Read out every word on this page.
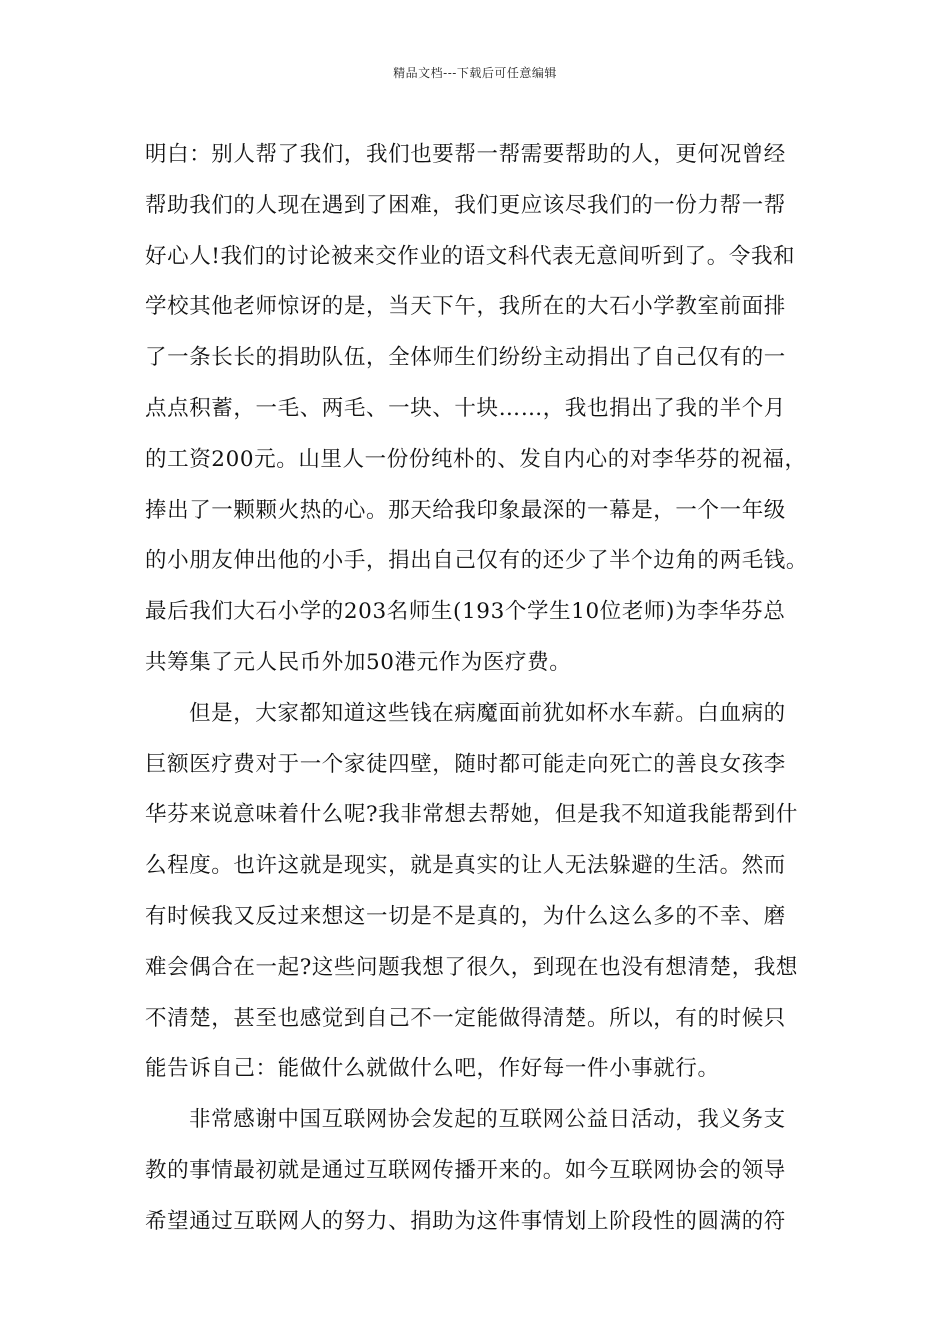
精品文档---下载后可任意编辑
明白：别人帮了我们，我们也要帮一帮需要帮助的人，更何况曾经
帮助我们的人现在遇到了困难，我们更应该尽我们的一份力帮一帮
好心人!我们的讨论被来交作业的语文科代表无意间听到了。令我和
学校其他老师惊讶的是，当天下午，我所在的大石小学教室前面排
了一条长长的捐助队伍，全体师生们纷纷主动捐出了自己仅有的一
点点积蓄，一毛、两毛、一块、十块……，我也捐出了我的半个月
的工资200元。山里人一份份纯朴的、发自内心的对李华芬的祝福，
捧出了一颗颗火热的心。那天给我印象最深的一幕是，一个一年级
的小朋友伸出他的小手，捐出自己仅有的还少了半个边角的两毛钱。
最后我们大石小学的203名师生(193个学生10位老师)为李华芬总
共筹集了元人民币外加50港元作为医疗费。
但是，大家都知道这些钱在病魔面前犹如杯水车薪。白血病的
巨额医疗费对于一个家徒四壁，随时都可能走向死亡的善良女孩李
华芬来说意味着什么呢?我非常想去帮她，但是我不知道我能帮到什
么程度。也许这就是现实，就是真实的让人无法躲避的生活。然而
有时候我又反过来想这一切是不是真的，为什么这么多的不幸、磨
难会偶合在一起?这些问题我想了很久，到现在也没有想清楚，我想
不清楚，甚至也感觉到自己不一定能做得清楚。所以，有的时候只
能告诉自己：能做什么就做什么吧，作好每一件小事就行。
非常感谢中国互联网协会发起的互联网公益日活动，我义务支
教的事情最初就是通过互联网传播开来的。如今互联网协会的领导
希望通过互联网人的努力、捐助为这件事情划上阶段性的圆满的符
